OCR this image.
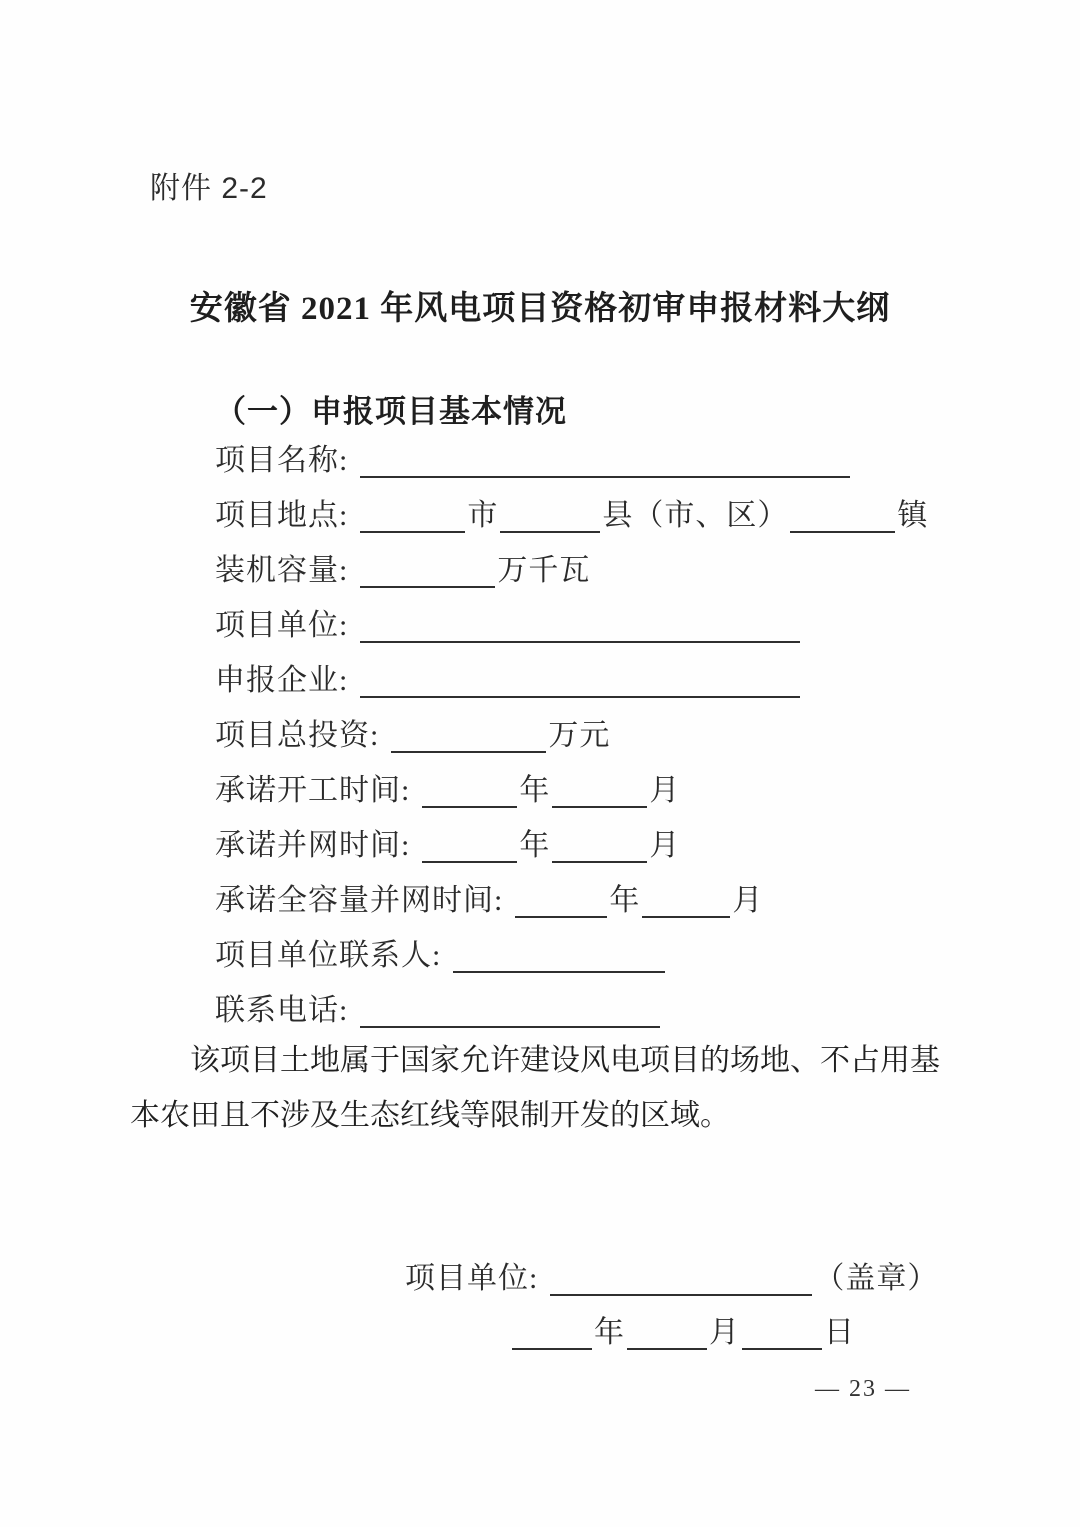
附件 2-2
安徽省 2021 年风电项目资格初审申报材料大纲
（一）申报项目基本情况
项目名称:
项目地点:	市	县（市、区）	镇
装机容量:	万千瓦
项目单位:
申报企业:
项目总投资:	万元
承诺开工时间:	年	月
承诺并网时间:	年	月
承诺全容量并网时间:	年	月
项目单位联系人:
联系电话:
该项目土地属于国家允许建设风电项目的场地、不占用基本农田且不涉及生态红线等限制开发的区域。
项目单位:	（盖章）
年	月	日
— 23 —
